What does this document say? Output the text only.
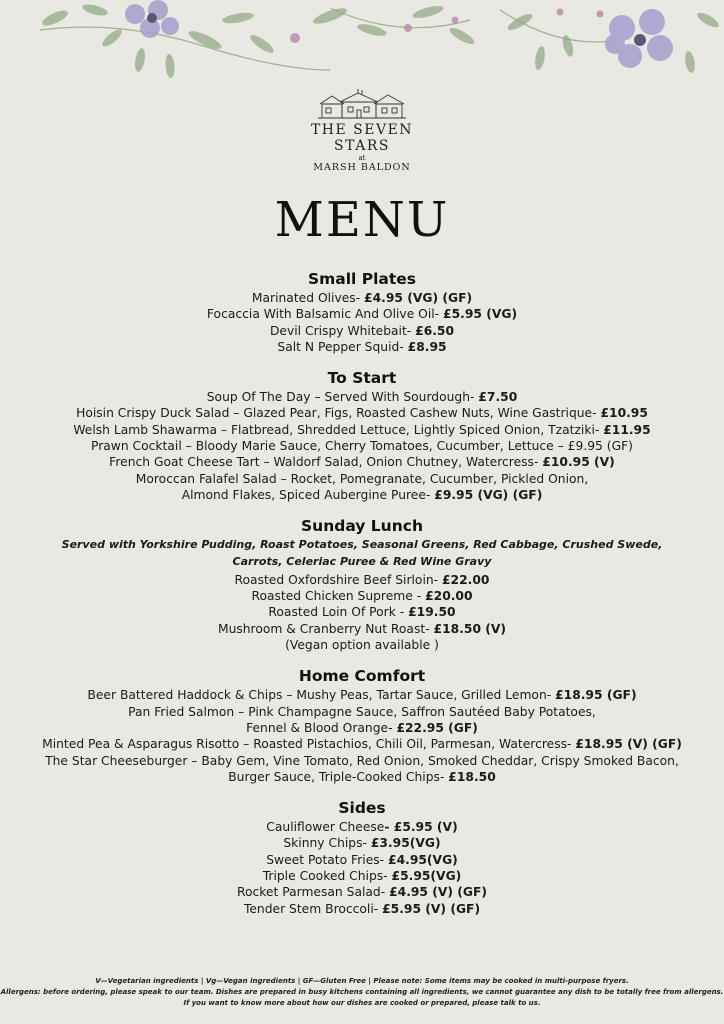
THE SEVEN
STARS
at
MARSH BALDON
MENU
Small Plates
Marinated Olives- £4.95 (VG) (GF)
Focaccia With Balsamic And Olive Oil- £5.95 (VG)
Devil Crispy Whitebait- £6.50
Salt N Pepper Squid- £8.95
To Start
Soup Of The Day – Served With Sourdough- £7.50
Hoisin Crispy Duck Salad – Glazed Pear, Figs, Roasted Cashew Nuts, Wine Gastrique- £10.95
Welsh Lamb Shawarma – Flatbread, Shredded Lettuce, Lightly Spiced Onion, Tzatziki- £11.95
Prawn Cocktail – Bloody Marie Sauce, Cherry Tomatoes, Cucumber, Lettuce – £9.95 (GF)
French Goat Cheese Tart – Waldorf Salad, Onion Chutney, Watercress- £10.95 (V)
Moroccan Falafel Salad – Rocket, Pomegranate, Cucumber, Pickled Onion,
Almond Flakes, Spiced Aubergine Puree- £9.95 (VG) (GF)
Sunday Lunch
Served with Yorkshire Pudding, Roast Potatoes, Seasonal Greens, Red Cabbage, Crushed Swede,
Carrots, Celeriac Puree & Red Wine Gravy
Roasted Oxfordshire Beef Sirloin- £22.00
Roasted Chicken Supreme - £20.00
Roasted Loin Of Pork - £19.50
Mushroom & Cranberry Nut Roast- £18.50 (V)
(Vegan option available )
Home Comfort
Beer Battered Haddock & Chips – Mushy Peas, Tartar Sauce, Grilled Lemon- £18.95 (GF)
Pan Fried Salmon – Pink Champagne Sauce, Saffron Sautéed Baby Potatoes,
Fennel & Blood Orange- £22.95 (GF)
Minted Pea & Asparagus Risotto – Roasted Pistachios, Chili Oil, Parmesan, Watercress- £18.95 (V) (GF)
The Star Cheeseburger – Baby Gem, Vine Tomato, Red Onion, Smoked Cheddar, Crispy Smoked Bacon,
Burger Sauce, Triple-Cooked Chips- £18.50
Sides
Cauliflower Cheese- £5.95 (V)
Skinny Chips- £3.95(VG)
Sweet Potato Fries- £4.95(VG)
Triple Cooked Chips- £5.95(VG)
Rocket Parmesan Salad- £4.95 (V) (GF)
Tender Stem Broccoli- £5.95 (V) (GF)
V—Vegetarian ingredients | Vg—Vegan ingredients | GF—Gluten Free | Please note: Some items may be cooked in multi-purpose fryers.
Allergens: before ordering, please speak to our team. Dishes are prepared in busy kitchens containing all ingredients, we cannot guarantee any dish to be totally free from allergens.
If you want to know more about how our dishes are cooked or prepared, please talk to us.
